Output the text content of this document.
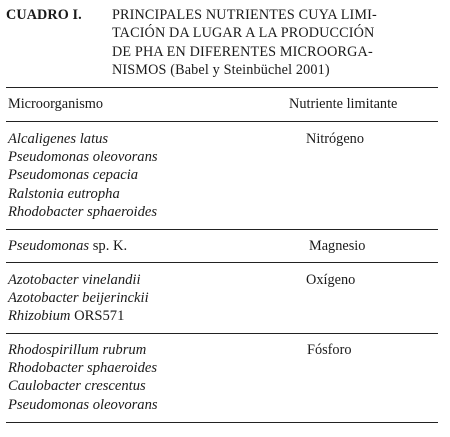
CUADRO I. PRINCIPALES NUTRIENTES CUYA LIMI-
TACIÓN DA LUGAR A LA PRODUCCIÓN
DE PHA EN DIFERENTES MICROORGA-
NISMOS (Babel y Steinbüchel 2001)
Microorganismo	Nutriente limitante
Alcaligenes latus
Pseudomonas oleovorans
Pseudomonas cepacia
Ralstonia eutropha
Rhodobacter sphaeroides
Nitrógeno
Pseudomonas sp. K.	Magnesio
Azotobacter vinelandii
Azotobacter beijerinckii
Rhizobium ORS571
Oxígeno
Rhodospirillum rubrum
Rhodobacter sphaeroides
Caulobacter crescentus
Pseudomonas oleovorans
Fósforo
